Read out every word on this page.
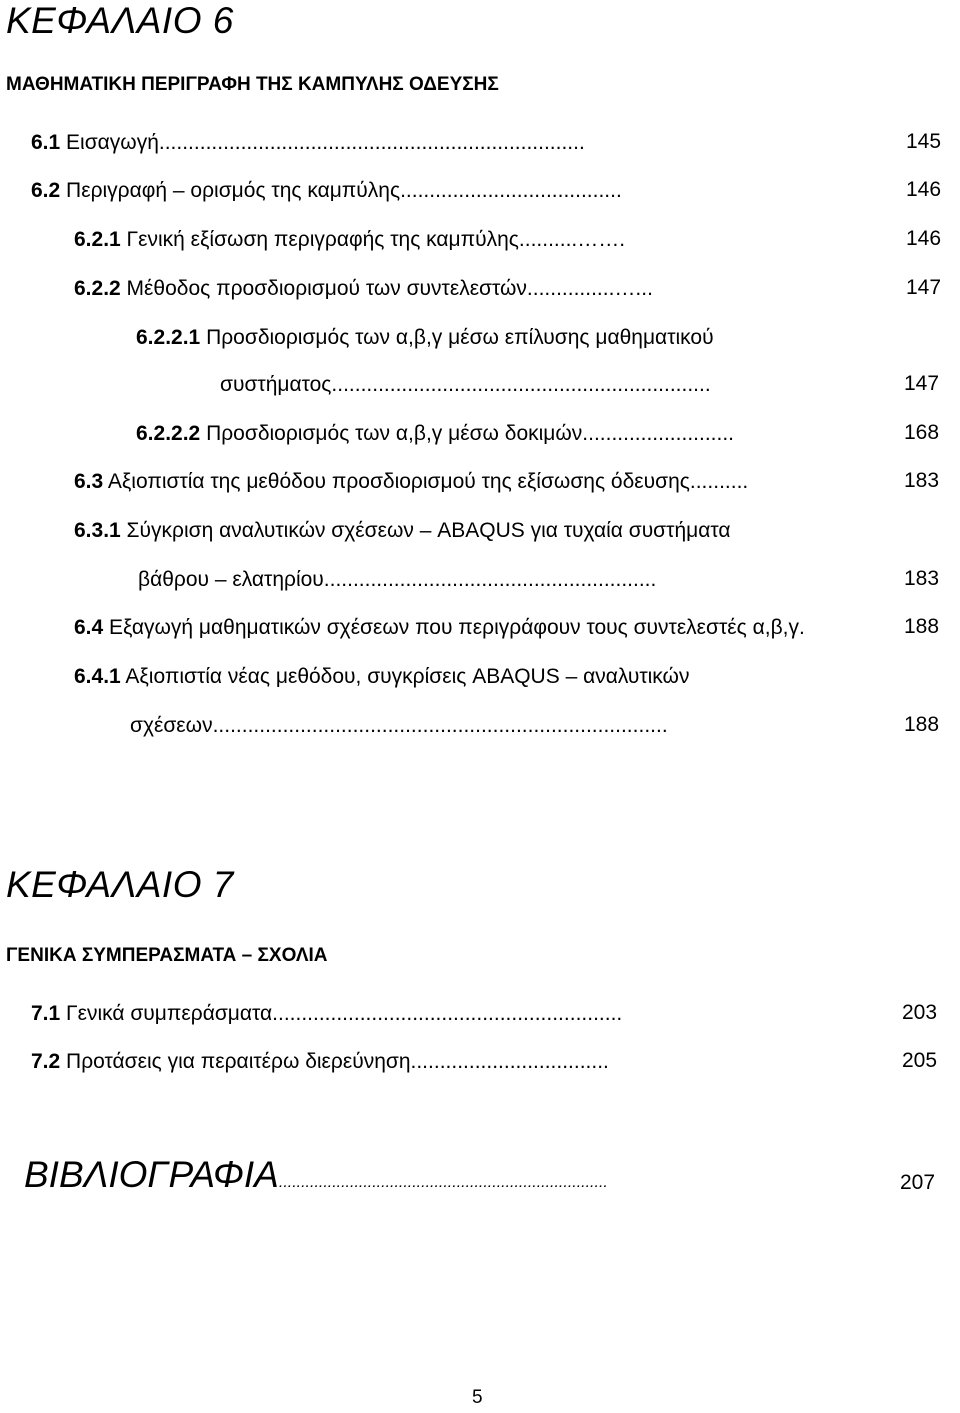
ΚΕΦΑΛΑΙΟ 6
ΜΑΘΗΜΑΤΙΚΗ ΠΕΡΙΓΡΑΦΗ ΤΗΣ ΚΑΜΠΥΛΗΣ ΟΔΕΥΣΗΣ
6.1 Εισαγωγή.........................................................................	145
6.2 Περιγραφή – ορισμός της καμπύλης......................................	146
6.2.1 Γενική εξίσωση περιγραφής της καμπύλης..........…….	146
6.2.2 Μέθοδος προσδιορισμού των συντελεστών...............…...	147
6.2.2.1 Προσδιορισμός των α,β,γ μέσω επίλυσης μαθηματικού
συστήματος.................................................................	147
6.2.2.2 Προσδιορισμός των α,β,γ μέσω δοκιμών..........................	168
6.3 Αξιοπιστία της μεθόδου προσδιορισμού της εξίσωσης όδευσης..........	183
6.3.1 Σύγκριση αναλυτικών σχέσεων – ABAQUS για τυχαία συστήματα
βάθρου – ελατηρίου.........................................................	183
6.4 Εξαγωγή μαθηματικών σχέσεων που περιγράφουν τους συντελεστές α,β,γ.	188
6.4.1 Αξιοπιστία νέας μεθόδου, συγκρίσεις ABAQUS – αναλυτικών
σχέσεων..............................................................................	188
ΚΕΦΑΛΑΙΟ 7
ΓΕΝΙΚΑ ΣΥΜΠΕΡΑΣΜΑΤΑ – ΣΧΟΛΙΑ
7.1 Γενικά συμπεράσματα............................................................	203
7.2 Προτάσεις για περαιτέρω διερεύνηση..................................	205
ΒΙΒΛΙΟΓΡΑΦΙΑ..........................................................................	207
5
